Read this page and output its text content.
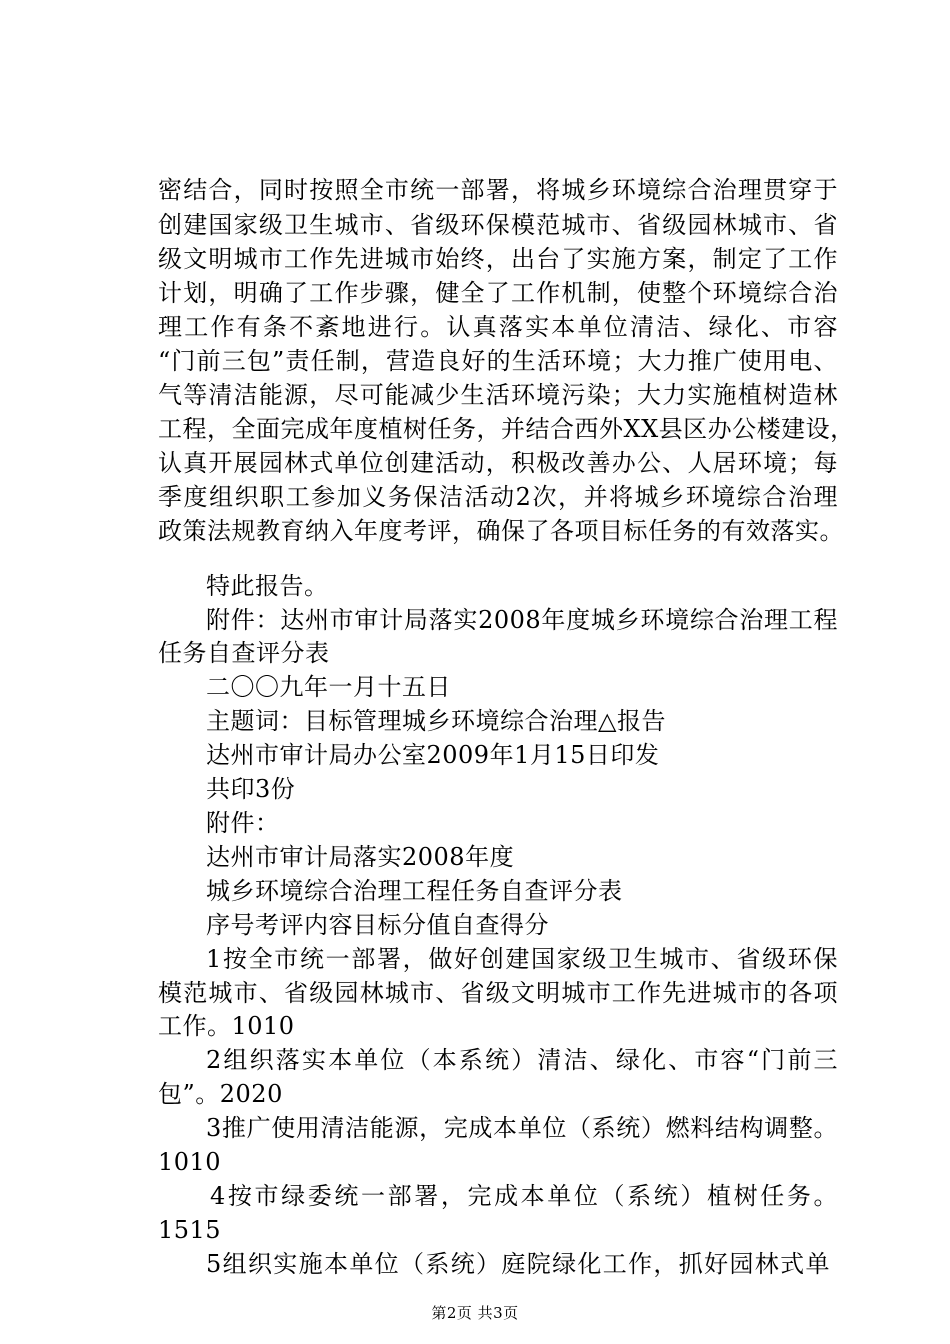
密结合，同时按照全市统一部署，将城乡环境综合治理贯穿于
创建国家级卫生城市、省级环保模范城市、省级园林城市、省
级文明城市工作先进城市始终，出台了实施方案，制定了工作
计划，明确了工作步骤，健全了工作机制，使整个环境综合治
理工作有条不紊地进行。认真落实本单位清洁、绿化、市容
“门前三包”责任制，营造良好的生活环境；大力推广使用电、
气等清洁能源，尽可能减少生活环境污染；大力实施植树造林
工程，全面完成年度植树任务，并结合西外XX县区办公楼建设，
认真开展园林式单位创建活动，积极改善办公、人居环境；每
季度组织职工参加义务保洁活动2次，并将城乡环境综合治理
政策法规教育纳入年度考评，确保了各项目标任务的有效落实。
特此报告。
附件：达州市审计局落实2008年度城乡环境综合治理工程
任务自查评分表
二〇〇九年一月十五日
主题词：目标管理城乡环境综合治理△报告
达州市审计局办公室2009年1月15日印发
共印3份
附件：
达州市审计局落实2008年度
城乡环境综合治理工程任务自查评分表
序号考评内容目标分值自查得分
1按全市统一部署，做好创建国家级卫生城市、省级环保
模范城市、省级园林城市、省级文明城市工作先进城市的各项
工作。1010
2组织落实本单位（本系统）清洁、绿化、市容“门前三
包”。2020
3推广使用清洁能源，完成本单位（系统）燃料结构调整。
1010
4按市绿委统一部署，完成本单位（系统）植树任务。
1515
5组织实施本单位（系统）庭院绿化工作，抓好园林式单
第2页 共3页
